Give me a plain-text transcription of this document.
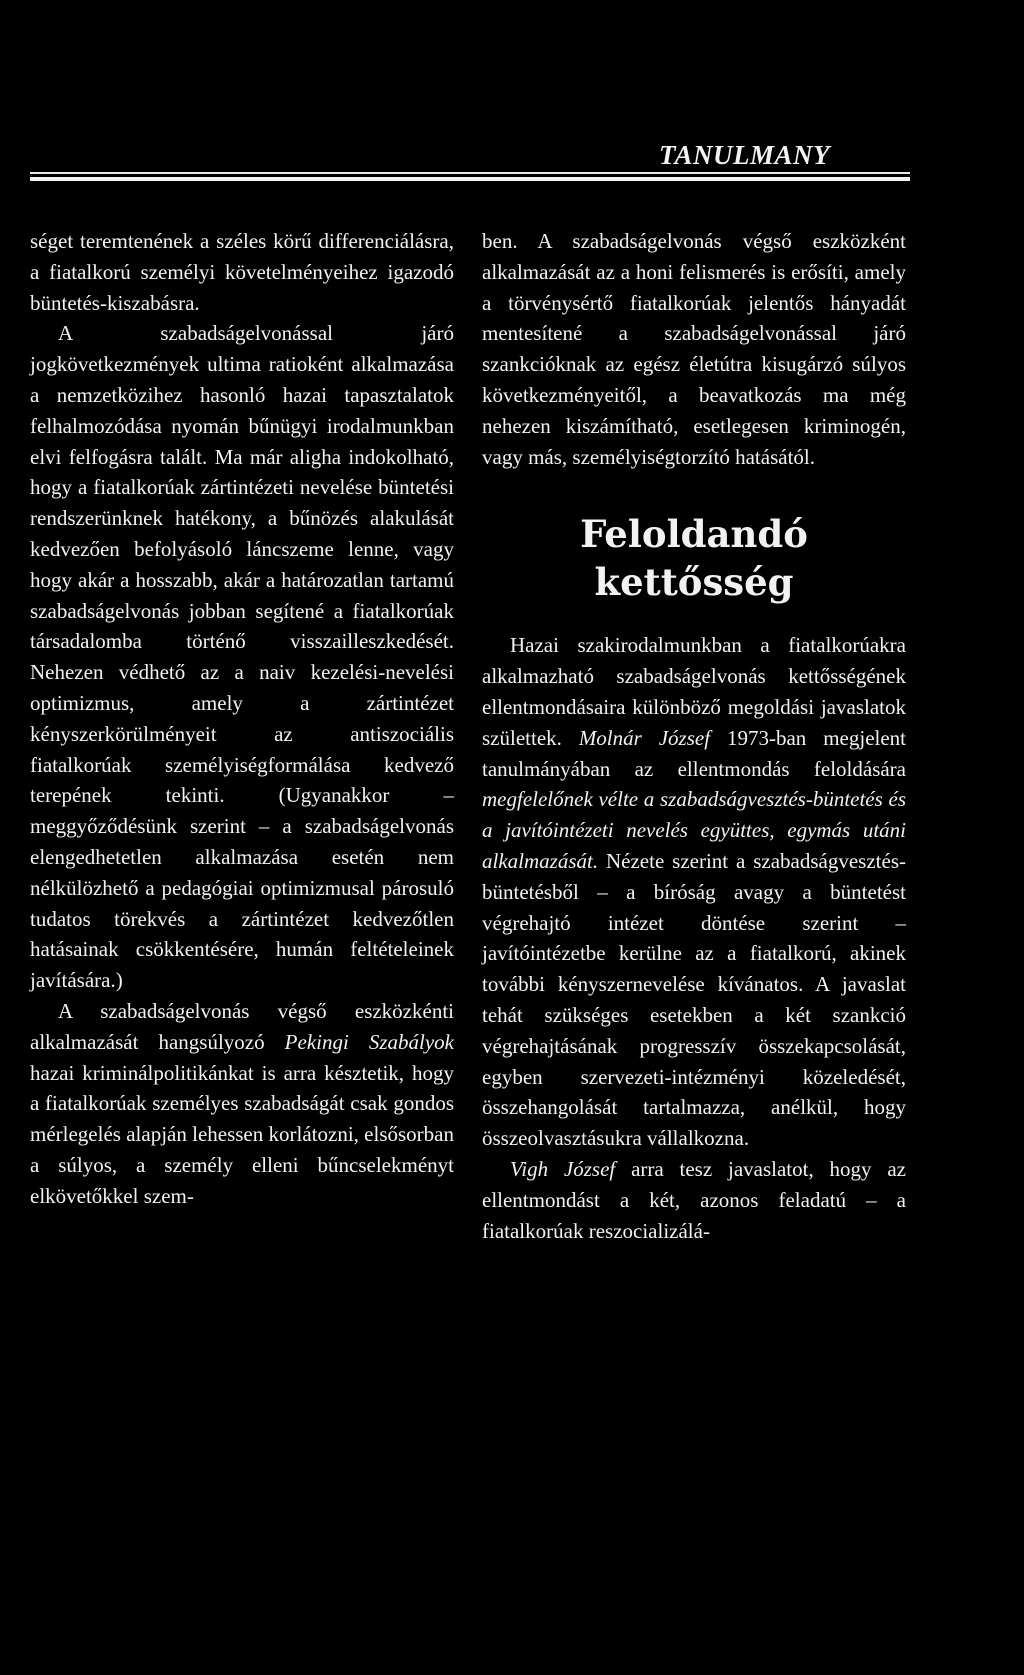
TANULMANY

séget teremtenének a széles körű differenciálásra, a fiatalkorú személyi követelményeihez igazodó büntetés-kiszabásra.

A szabadságelvonással járó jogkövetkezmények ultima ratioként alkalmazása a nemzetközihez hasonló hazai tapasztalatok felhalmozódása nyomán bűnügyi irodalmunkban elvi felfogásra talált. Ma már aligha indokolható, hogy a fiatalkorúak zártintézeti nevelése büntetési rendszerünknek hatékony, a bűnözés alakulását kedvezően befolyásoló láncszeme lenne, vagy hogy akár a hosszabb, akár a határozatlan tartamú szabadságelvonás jobban segítené a fiatalkorúak társadalomba történő visszailleszkedését. Nehezen védhető az a naiv kezelési-nevelési optimizmus, amely a zártintézet kényszerkörülményeit az antiszociális fiatalkorúak személyiségformálása kedvező terepének tekinti. (Ugyanakkor – meggyőződésünk szerint – a szabadságelvonás elengedhetetlen alkalmazása esetén nem nélkülözhető a pedagógiai optimizmusal párosuló tudatos törekvés a zártintézet kedvezőtlen hatásainak csökkentésére, humán feltételeinek javítására.)

A szabadságelvonás végső eszközkénti alkalmazását hangsúlyozó Pekingi Szabályok hazai kriminálpolitikánkat is arra késztetik, hogy a fiatalkorúak személyes szabadságát csak gondos mérlegelés alapján lehessen korlátozni, elsősorban a súlyos, a személy elleni bűncselekményt elkövetőkkel szem-

ben. A szabadságelvonás végső eszközként alkalmazását az a honi felismerés is erősíti, amely a törvénysértő fiatalkorúak jelentős hányadát mentesítené a szabadságelvonással járó szankcióknak az egész életútra kisugárzó súlyos következményeitől, a beavatkozás ma még nehezen kiszámítható, esetlegesen kriminogén, vagy más, személyiségtorzító hatásától.

Feloldandó
kettősség

Hazai szakirodalmunkban a fiatalkorúakra alkalmazható szabadságelvonás kettősségének ellentmondásaira különböző megoldási javaslatok születtek. Molnár József 1973-ban megjelent tanulmányában az ellentmondás feloldására megfelelőnek vélte a szabadságvesztés-büntetés és a javítóintézeti nevelés együttes, egymás utáni alkalmazását. Nézete szerint a szabadságvesztés-büntetésből – a bíróság avagy a büntetést végrehajtó intézet döntése szerint – javítóintézetbe kerülne az a fiatalkorú, akinek további kényszernevelése kívánatos. A javaslat tehát szükséges esetekben a két szankció végrehajtásának progresszív összekapcsolását, egyben szervezeti-intézményi közeledését, összehangolását tartalmazza, anélkül, hogy összeolvasztásukra vállalkozna.

Vigh József arra tesz javaslatot, hogy az ellentmondást a két, azonos feladatú – a fiatalkorúak reszocializálá-
